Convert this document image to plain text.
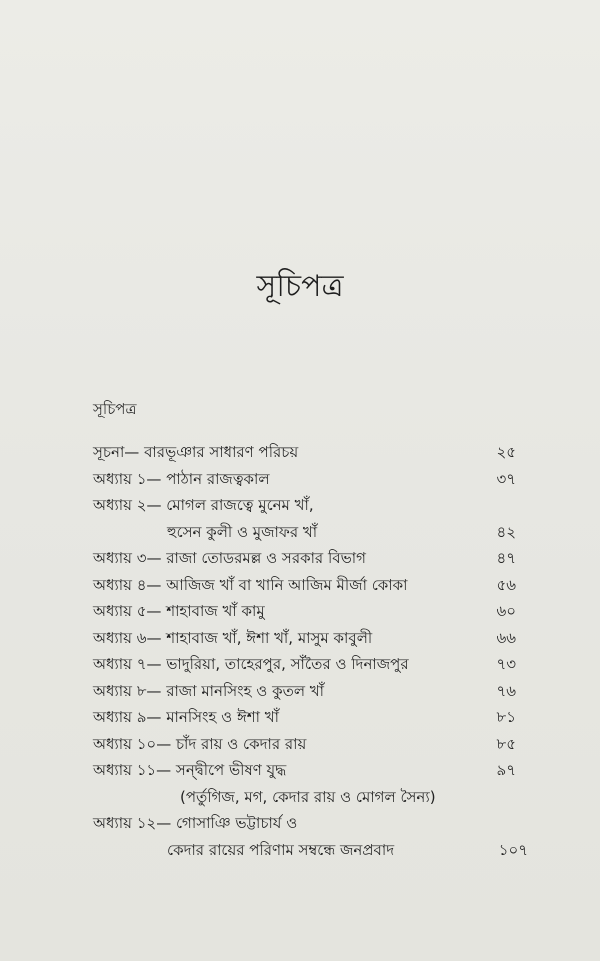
সূচিপত্র
সূচিপত্র
সূচনা— বারভূঞার সাধারণ পরিচয়	২৫
অধ্যায় ১— পাঠান রাজত্বকাল	৩৭
অধ্যায় ২— মোগল রাজত্বে মুনেম খাঁ,
হুসেন কুলী ও মুজাফর খাঁ	৪২
অধ্যায় ৩— রাজা তোডরমল্ল ও সরকার বিভাগ	৪৭
অধ্যায় ৪— আজিজ খাঁ বা খানি আজিম মীর্জা কোকা	৫৬
অধ্যায় ৫— শাহাবাজ খাঁ কামু	৬০
অধ্যায় ৬— শাহাবাজ খাঁ, ঈশা খাঁ, মাসুম কাবুলী	৬৬
অধ্যায় ৭— ভাদুরিয়া, তাহেরপুর, সাঁতৈর ও দিনাজপুর	৭৩
অধ্যায় ৮— রাজা মানসিংহ ও কুতল খাঁ	৭৬
অধ্যায় ৯— মানসিংহ ও ঈশা খাঁ	৮১
অধ্যায় ১০— চাঁদ রায় ও কেদার রায়	৮৫
অধ্যায় ১১— সন্দ্বীপে ভীষণ যুদ্ধ	৯৭
(পর্তুগিজ, মগ, কেদার রায় ও মোগল সৈন্য)
অধ্যায় ১২— গোসাঞি ভট্টাচার্য ও
কেদার রায়ের পরিণাম সম্বন্ধে জনপ্রবাদ	১০৭
